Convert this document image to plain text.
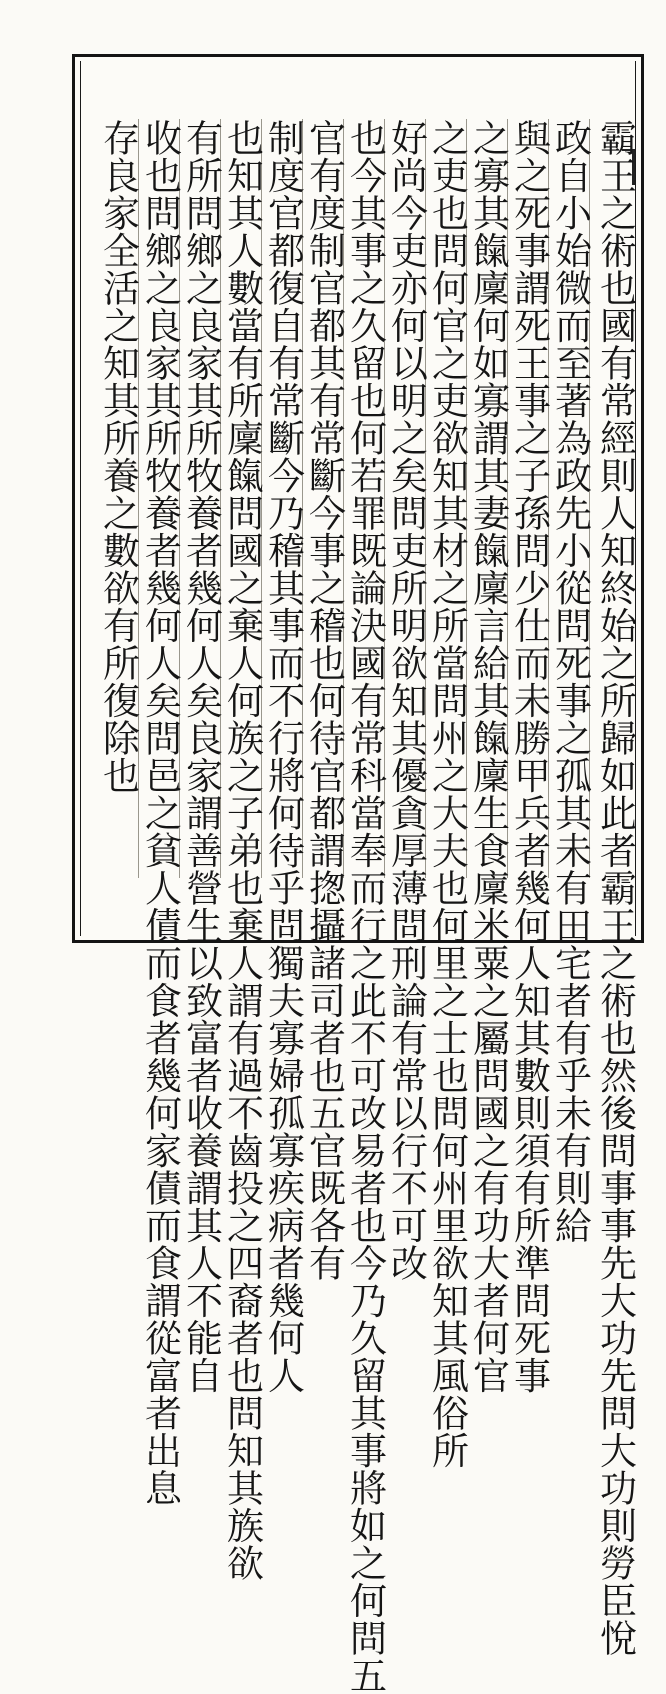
霸王之術也國有常經則人知終始之所歸如此者霸王之術也然後問事事先大功先問大功則勞臣悅
政自小始微而至著為政先小從問死事之孤其未有田宅者有乎未有則給
與之死事謂死王事之子孫問少仕而未勝甲兵者幾何人知其數則須有所準問死事
之寡其餼廩何如寡謂其妻餼廩言給其餼廩生食廩米粟之屬問國之有功大者何官
之吏也問何官之吏欲知其材之所當問州之大夫也何里之士也問何州里欲知其風俗所
好尚今吏亦何以明之矣問吏所明欲知其優貪厚薄問刑論有常以行不可改
也今其事之久留也何若罪既論決國有常科當奉而行之此不可改易者也今乃久留其事將如之何問五
官有度制官都其有常斷今事之稽也何待官都謂揔攝諸司者也五官既各有
制度官都復自有常斷今乃稽其事而不行將何待乎問獨夫寡婦孤寡疾病者幾何人
也知其人數當有所廩餼問國之棄人何族之子弟也棄人謂有過不齒投之四裔者也問知其族欲
有所問鄉之良家其所牧養者幾何人矣良家謂善營生以致富者收養謂其人不能自
收也問鄉之良家其所牧養者幾何人矣問邑之貧人債而食者幾何家債而食謂從富者出息
存良家全活之知其所養之數欲有所復除也
